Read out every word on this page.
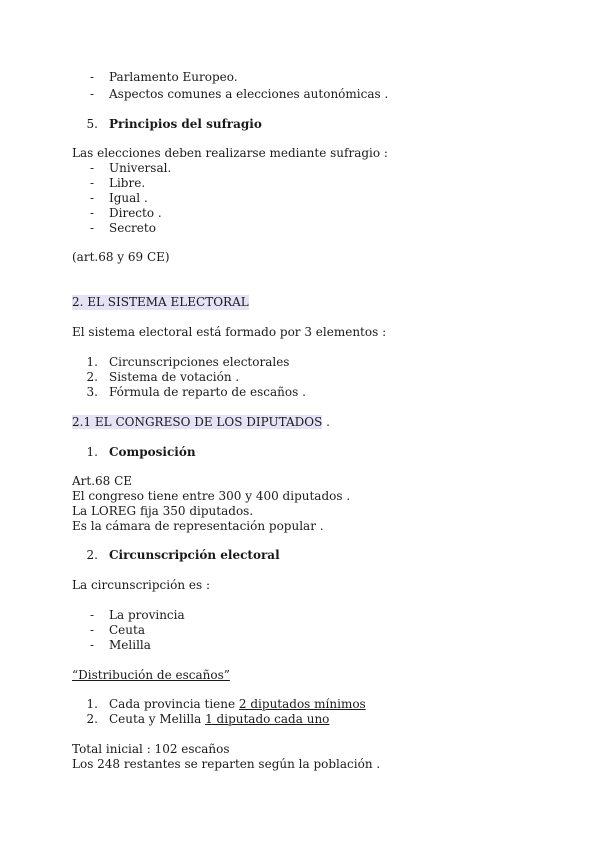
- Parlamento Europeo.
- Aspectos comunes a elecciones autonómicas .
5. Principios del sufragio
Las elecciones deben realizarse mediante sufragio :
- Universal.
- Libre.
- Igual .
- Directo .
- Secreto
(art.68 y 69 CE)
2. EL SISTEMA ELECTORAL
El sistema electoral está formado por 3 elementos :
1. Circunscripciones electorales
2. Sistema de votación .
3. Fórmula de reparto de escaños .
2.1 EL CONGRESO DE LOS DIPUTADOS .
1. Composición
Art.68 CE
El congreso tiene entre 300 y 400 diputados .
La LOREG fija 350 diputados.
Es la cámara de representación popular .
2. Circunscripción electoral
La circunscripción es :
- La provincia
- Ceuta
- Melilla
“Distribución de escaños”
1. Cada provincia tiene 2 diputados mínimos
2. Ceuta y Melilla 1 diputado cada uno
Total inicial : 102 escaños
Los 248 restantes se reparten según la población .
